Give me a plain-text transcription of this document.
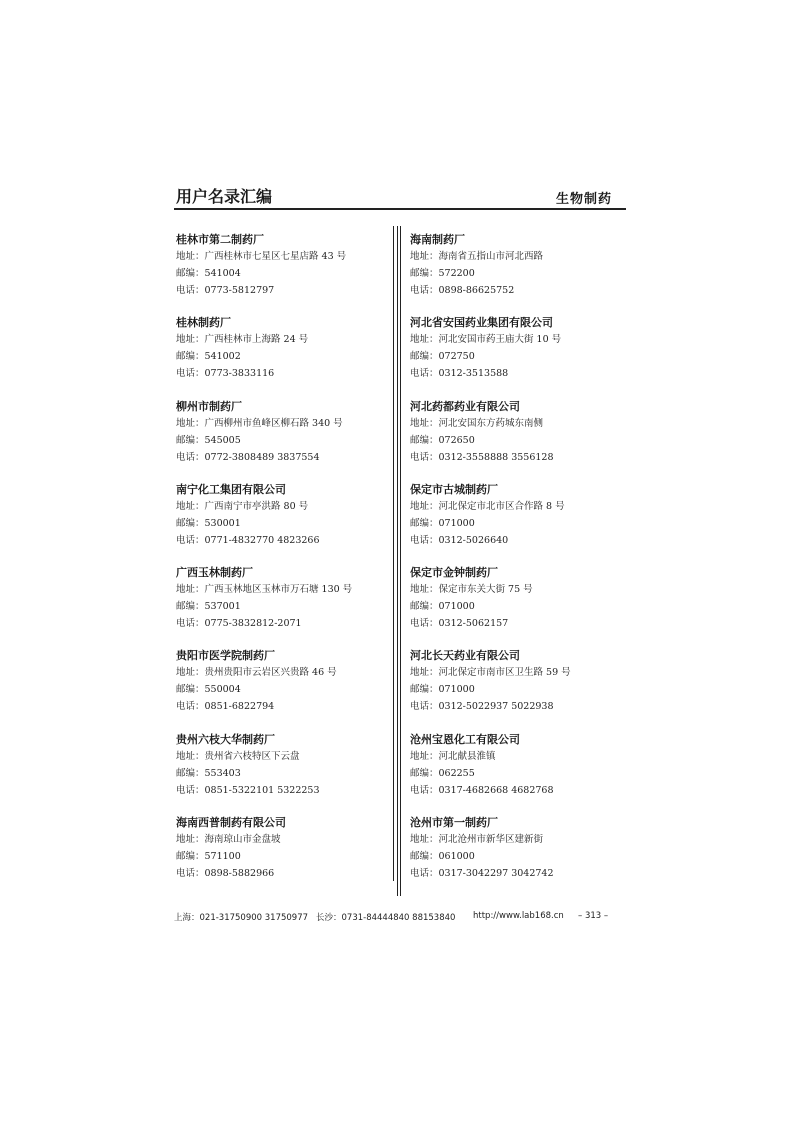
用户名录汇编	生物制药
桂林市第二制药厂
地址：广西桂林市七星区七星店路 43 号
邮编：541004
电话：0773-5812797
桂林制药厂
地址：广西桂林市上海路 24 号
邮编：541002
电话：0773-3833116
柳州市制药厂
地址：广西柳州市鱼峰区柳石路 340 号
邮编：545005
电话：0772-3808489 3837554
南宁化工集团有限公司
地址：广西南宁市亭洪路 80 号
邮编：530001
电话：0771-4832770 4823266
广西玉林制药厂
地址：广西玉林地区玉林市万石塘 130 号
邮编：537001
电话：0775-3832812-2071
贵阳市医学院制药厂
地址：贵州贵阳市云岩区兴贵路 46 号
邮编：550004
电话：0851-6822794
贵州六枝大华制药厂
地址：贵州省六枝特区下云盘
邮编：553403
电话：0851-5322101 5322253
海南西普制药有限公司
地址：海南琼山市金盘坡
邮编：571100
电话：0898-5882966
海南制药厂
地址：海南省五指山市河北西路
邮编：572200
电话：0898-86625752
河北省安国药业集团有限公司
地址：河北安国市药王庙大街 10 号
邮编：072750
电话：0312-3513588
河北药都药业有限公司
地址：河北安国东方药城东南侧
邮编：072650
电话：0312-3558888 3556128
保定市古城制药厂
地址：河北保定市北市区合作路 8 号
邮编：071000
电话：0312-5026640
保定市金钟制药厂
地址：保定市东关大街 75 号
邮编：071000
电话：0312-5062157
河北长天药业有限公司
地址：河北保定市南市区卫生路 59 号
邮编：071000
电话：0312-5022937 5022938
沧州宝恩化工有限公司
地址：河北献县淮镇
邮编：062255
电话：0317-4682668 4682768
沧州市第一制药厂
地址：河北沧州市新华区建新街
邮编：061000
电话：0317-3042297 3042742
上海：021-31750900 31750977 长沙：0731-84444840 88153840 http://www.lab168.cn – 313 –
